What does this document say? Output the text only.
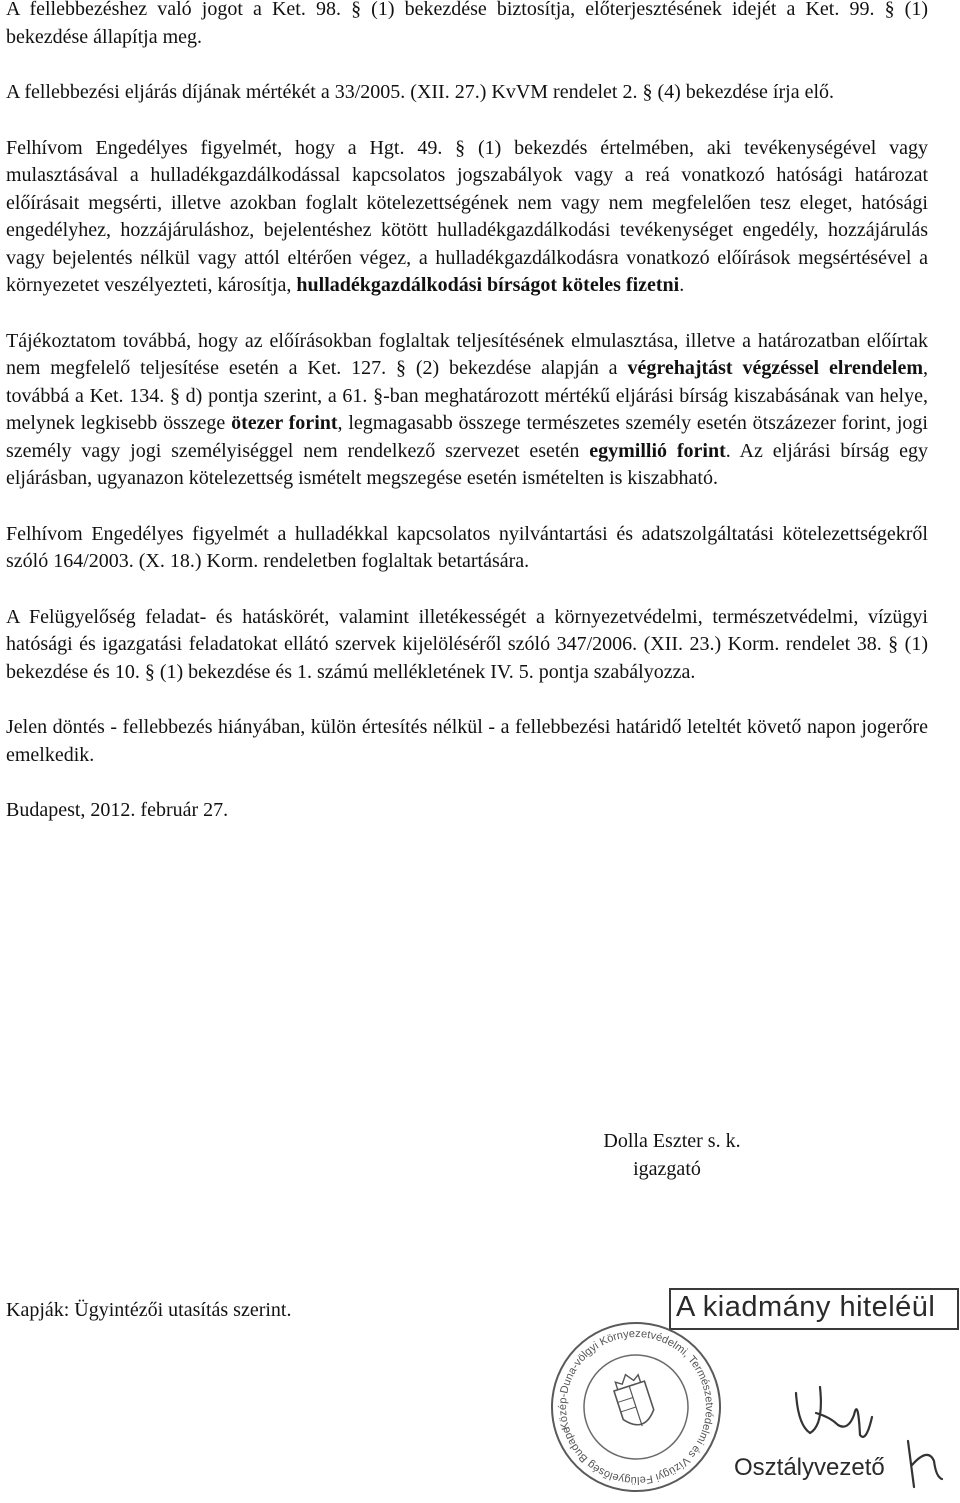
A fellebbezéshez való jogot a Ket. 98. § (1) bekezdése biztosítja, előterjesztésének idejét a Ket. 99. § (1) bekezdése állapítja meg.

A fellebbezési eljárás díjának mértékét a 33/2005. (XII. 27.) KvVM rendelet 2. § (4) bekezdése írja elő.

Felhívom Engedélyes figyelmét, hogy a Hgt. 49. § (1) bekezdés értelmében, aki tevékenységével vagy mulasztásával a hulladékgazdálkodással kapcsolatos jogszabályok vagy a reá vonatkozó hatósági határozat előírásait megsérti, illetve azokban foglalt kötelezettségének nem vagy nem megfelelően tesz eleget, hatósági engedélyhez, hozzájáruláshoz, bejelentéshez kötött hulladékgazdálkodási tevékenységet engedély, hozzájárulás vagy bejelentés nélkül vagy attól eltérően végez, a hulladékgazdálkodásra vonatkozó előírások megsértésével a környezetet veszélyezteti, károsítja, hulladékgazdálkodási bírságot köteles fizetni.

Tájékoztatom továbbá, hogy az előírásokban foglaltak teljesítésének elmulasztása, illetve a határozatban előírtak nem megfelelő teljesítése esetén a Ket. 127. § (2) bekezdése alapján a végrehajtást végzéssel elrendelem, továbbá a Ket. 134. § d) pontja szerint, a 61. §-ban meghatározott mértékű eljárási bírság kiszabásának van helye, melynek legkisebb összege ötezer forint, legmagasabb összege természetes személy esetén ötszázezer forint, jogi személy vagy jogi személyiséggel nem rendelkező szervezet esetén egymillió forint. Az eljárási bírság egy eljárásban, ugyanazon kötelezettség ismételt megszegése esetén ismételten is kiszabható.

Felhívom Engedélyes figyelmét a hulladékkal kapcsolatos nyilvántartási és adatszolgáltatási kötelezettségekről szóló 164/2003. (X. 18.) Korm. rendeletben foglaltak betartására.

A Felügyelőség feladat- és hatáskörét, valamint illetékességét a környezetvédelmi, természetvédelmi, vízügyi hatósági és igazgatási feladatokat ellátó szervek kijelöléséről szóló 347/2006. (XII. 23.) Korm. rendelet 38. § (1) bekezdése és 10. § (1) bekezdése és 1. számú mellékletének IV. 5. pontja szabályozza.

Jelen döntés - fellebbezés hiányában, külön értesítés nélkül - a fellebbezési határidő leteltét követő napon jogerőre emelkedik.

Budapest, 2012. február 27.

Dolla Eszter s. k.
igazgató
Kapják: Ügyintézői utasítás szerint.
Közép-Duna-völgyi Környezetvédelmi, Természetvédelmi és Vízügyi Felügyelőség Budapest	A kiadmány hiteléül
Osztályvezető
